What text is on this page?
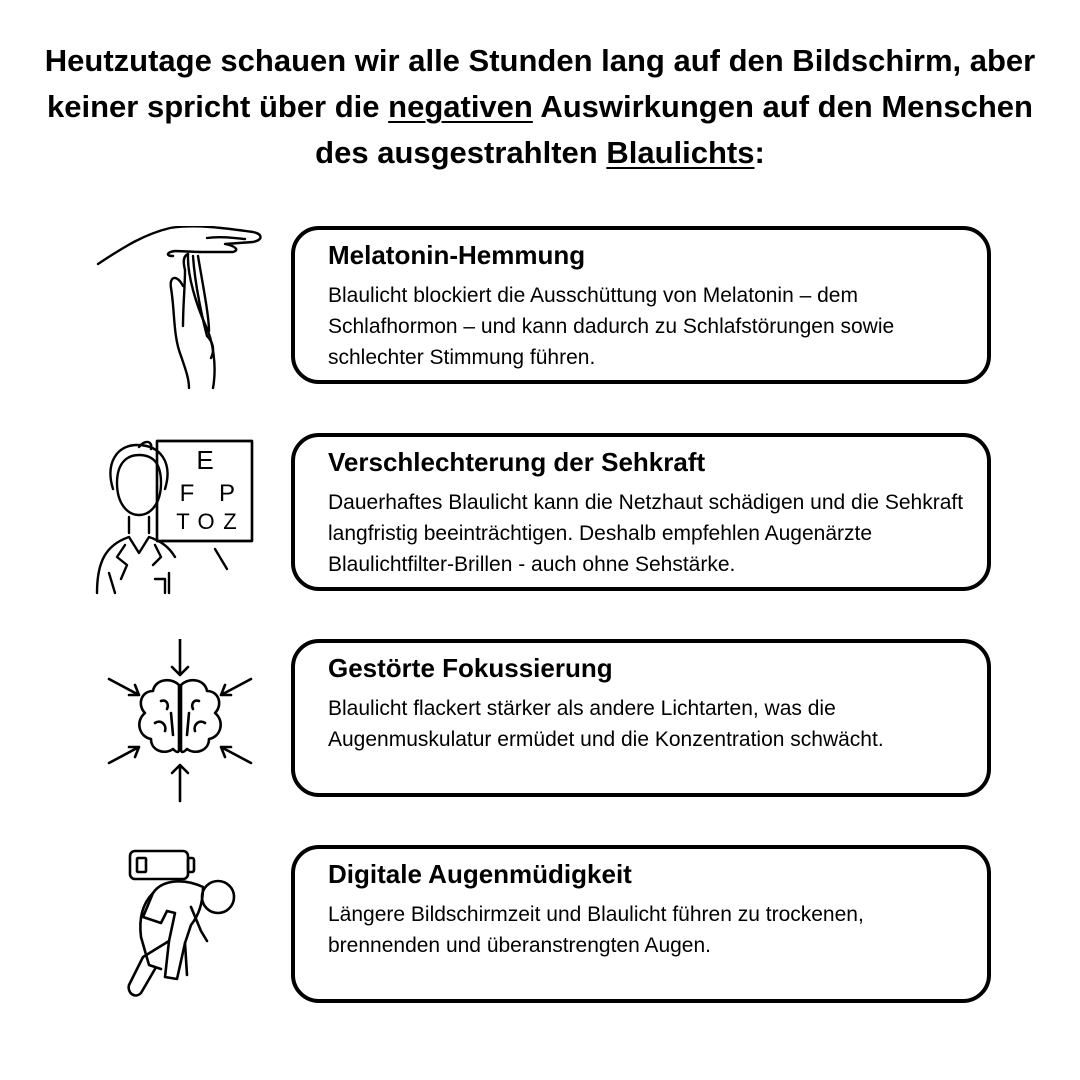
Heutzutage schauen wir alle Stunden lang auf den Bildschirm, aber keiner spricht über die negativen Auswirkungen auf den Menschen des ausgestrahlten Blaulichts:

Melatonin-Hemmung

Blaulicht blockiert die Ausschüttung von Melatonin – dem Schlafhormon – und kann dadurch zu Schlafstörungen sowie schlechter Stimmung führen.

E
F P
T O Z

Verschlechterung der Sehkraft

Dauerhaftes Blaulicht kann die Netzhaut schädigen und die Sehkraft langfristig beeinträchtigen. Deshalb empfehlen Augenärzte Blaulichtfilter-Brillen - auch ohne Sehstärke.

Gestörte Fokussierung

Blaulicht flackert stärker als andere Lichtarten, was die Augenmuskulatur ermüdet und die Konzentration schwächt.

Digitale Augenmüdigkeit

Längere Bildschirmzeit und Blaulicht führen zu trockenen, brennenden und überanstrengten Augen.
